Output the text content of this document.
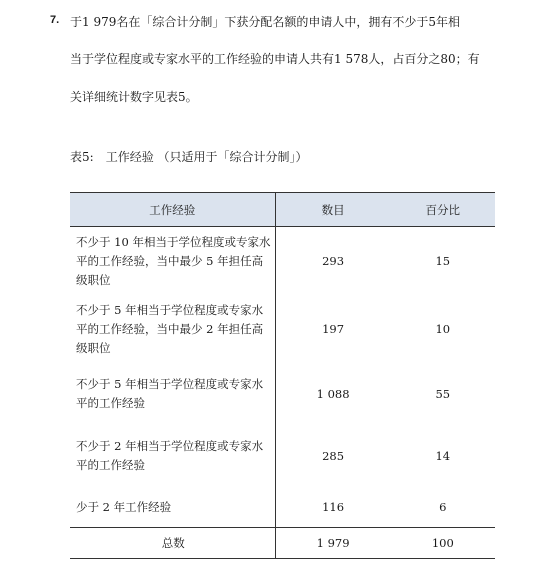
7. 于1 979名在「综合计分制」下获分配名额的申请人中，拥有不少于5年相
当于学位程度或专家水平的工作经验的申请人共有1 578人，占百分之80；有
关详细统计数字见表5。
表5: 工作经验 （只适用于「综合计分制」）
工作经验	数目	百分比
不少于 10 年相当于学位程度或专家水平的工作经验，当中最少 5 年担任高级职位	293	15
不少于 5 年相当于学位程度或专家水平的工作经验，当中最少 2 年担任高级职位	197	10
不少于 5 年相当于学位程度或专家水平的工作经验	1 088	55
不少于 2 年相当于学位程度或专家水平的工作经验	285	14
少于 2 年工作经验	116	6
总数	1 979	100
